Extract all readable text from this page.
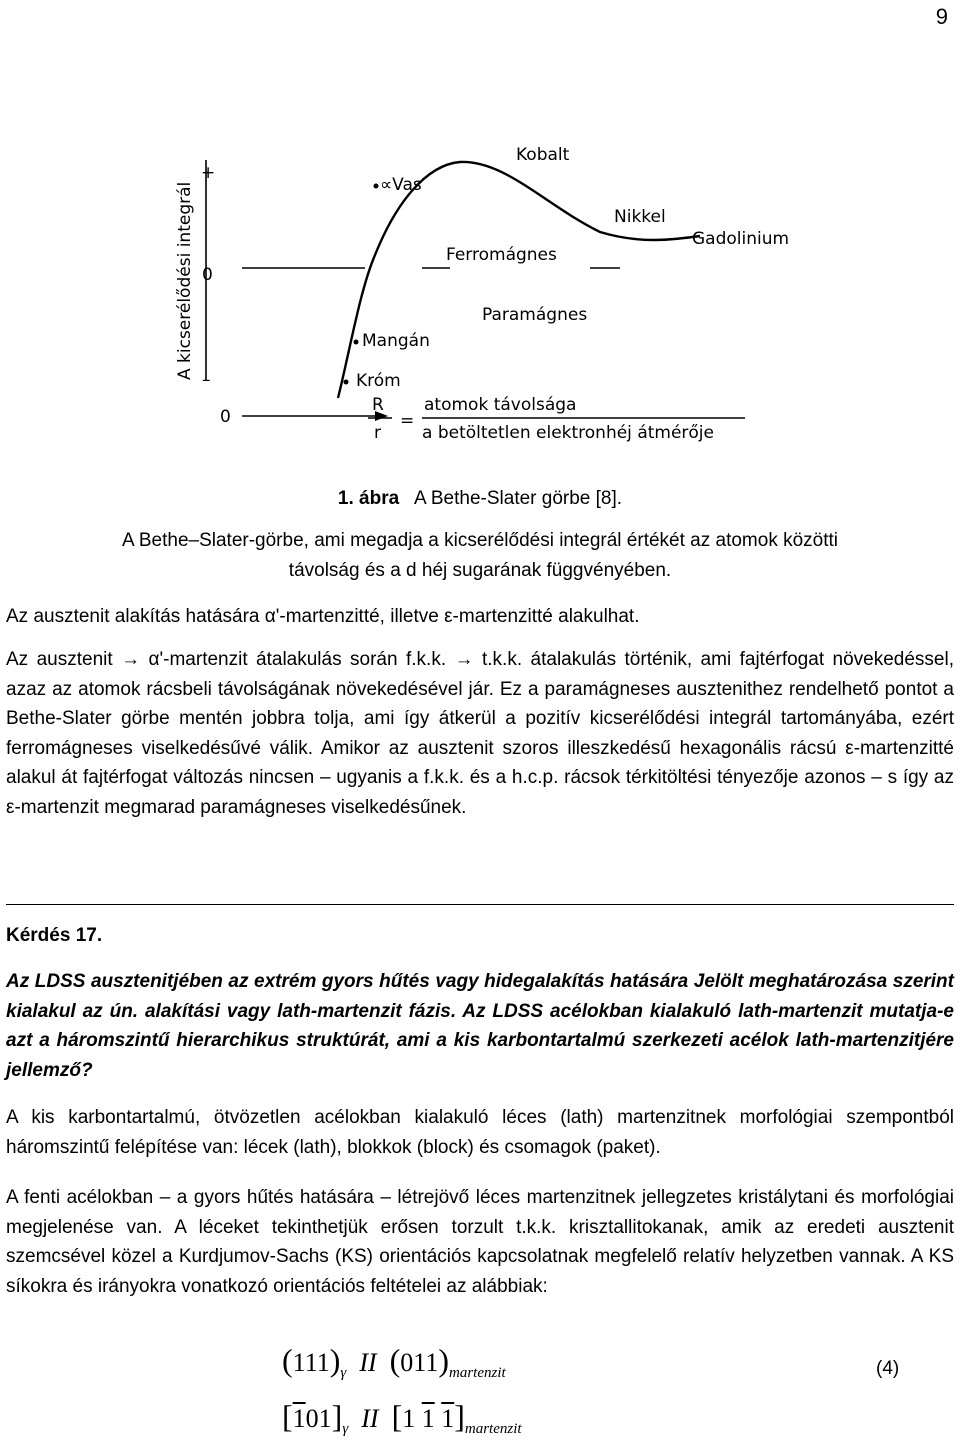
9
A kicserélődési integrál
+
0
–
0
Kobalt
∝Vas
Nikkel
Gadolinium
Ferromágnes
Paramágnes
Mangán
Króm
R
r
=
atomok távolsága
a betöltetlen elektronhéj átmérője
1. ábra A Bethe-Slater görbe [8].
A Bethe–Slater-görbe, ami megadja a kicserélődési integrál értékét az atomok közötti
távolság és a d héj sugarának függvényében.
Az ausztenit alakítás hatására α'-martenzitté, illetve ε-martenzitté alakulhat.
Az ausztenit → α'-martenzit átalakulás során f.k.k. → t.k.k. átalakulás történik, ami fajtérfogat növekedéssel, azaz az atomok rácsbeli távolságának növekedésével jár. Ez a paramágneses ausztenithez rendelhető pontot a Bethe-Slater görbe mentén jobbra tolja, ami így átkerül a pozitív kicserélődési integrál tartományába, ezért ferromágneses viselkedésűvé válik. Amikor az ausztenit szoros illeszkedésű hexagonális rácsú ε-martenzitté alakul át fajtérfogat változás nincsen – ugyanis a f.k.k. és a h.c.p. rácsok térkitöltési tényezője azonos – s így az ε-martenzit megmarad paramágneses viselkedésűnek.
Kérdés 17.
Az LDSS ausztenitjében az extrém gyors hűtés vagy hidegalakítás hatására Jelölt meghatározása szerint kialakul az ún. alakítási vagy lath-martenzit fázis. Az LDSS acélokban kialakuló lath-martenzit mutatja-e azt a háromszintű hierarchikus struktúrát, ami a kis karbontartalmú szerkezeti acélok lath-martenzitjére jellemző?
A kis karbontartalmú, ötvözetlen acélokban kialakuló léces (lath) martenzitnek morfológiai szempontból háromszintű felépítése van: lécek (lath), blokkok (block) és csomagok (paket).
A fenti acélokban – a gyors hűtés hatására – létrejövő léces martenzitnek jellegzetes kristálytani és morfológiai megjelenése van. A léceket tekinthetjük erősen torzult t.k.k. krisztallitokanak, amik az eredeti ausztenit szemcsével közel a Kurdjumov-Sachs (KS) orientációs kapcsolatnak megfelelő relatív helyzetben vannak. A KS síkokra és irányokra vonatkozó orientációs feltételei az alábbiak:
$(111)_\gamma$ II $(011)_{martenzit}$
$[101]_\gamma$ II [1 1 $1]_{martenzit}$
(4)
